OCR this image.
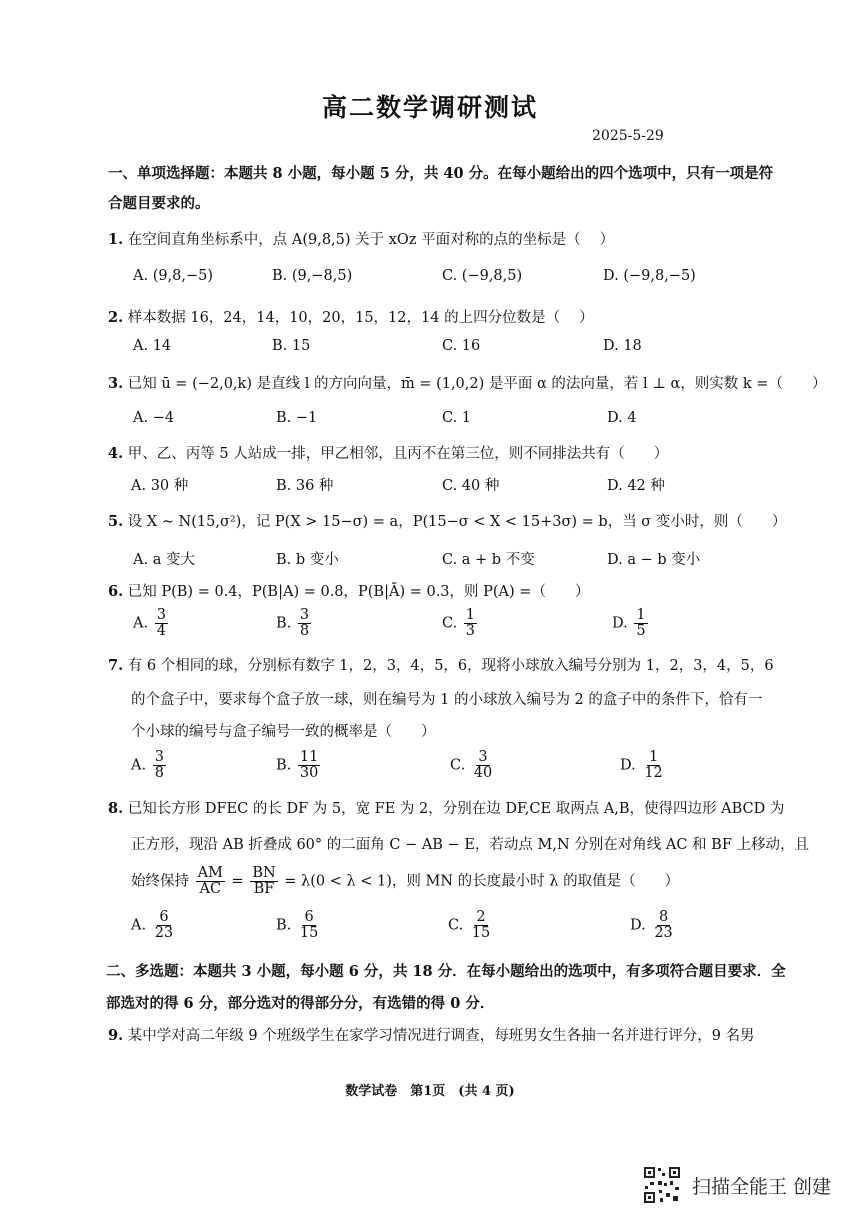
高二数学调研测试
2025-5-29
一、单项选择题：本题共 8 小题，每小题 5 分，共 40 分。在每小题给出的四个选项中，只有一项是符
合题目要求的。
1. 在空间直角坐标系中，点 A(9,8,5) 关于 xOz 平面对称的点的坐标是（　 ）
A. (9,8,−5)	B. (9,−8,5)	C. (−9,8,5)	D. (−9,8,−5)
2. 样本数据 16，24，14，10，20，15，12，14 的上四分位数是（　 ）
A. 14	B. 15	C. 16	D. 18
3. 已知 ū = (−2,0,k) 是直线 l 的方向向量，m̄ = (1,0,2) 是平面 α 的法向量，若 l ⊥ α，则实数 k =（　　）
A. −4	B. −1	C. 1	D. 4
4. 甲、乙、丙等 5 人站成一排，甲乙相邻，且丙不在第三位，则不同排法共有（　　）
A. 30 种	B. 36 种	C. 40 种	D. 42 种
5. 设 X ~ N(15,σ²)，记 P(X > 15−σ) = a，P(15−σ < X < 15+3σ) = b，当 σ 变小时，则（　　）
A. a 变大	B. b 变小	C. a + b 不变	D. a − b 变小
6. 已知 P(B) = 0.4，P(B|A) = 0.8，P(B|Ā) = 0.3，则 P(A) =（　　）
A. $\frac{3}{4}$	B. $\frac{3}{8}$	C. $\frac{1}{3}$	D. $\frac{1}{5}$
7. 有 6 个相同的球，分别标有数字 1，2，3，4，5，6，现将小球放入编号分别为 1，2，3，4，5，6
的个盒子中，要求每个盒子放一球，则在编号为 1 的小球放入编号为 2 的盒子中的条件下，恰有一
个小球的编号与盒子编号一致的概率是（　　）
A. $\frac{3}{8}$	B. $\frac{11}{30}$	C. $\frac{3}{40}$	D. $\frac{1}{12}$
8. 已知长方形 DFEC 的长 DF 为 5，宽 FE 为 2，分别在边 DF,CE 取两点 A,B，使得四边形 ABCD 为
正方形，现沿 AB 折叠成 60° 的二面角 C − AB − E，若动点 M,N 分别在对角线 AC 和 BF 上移动，且
始终保持 $\frac{AM}{AC} = \frac{BN}{BF} = \lambda(0 < \lambda < 1)$，则 MN 的长度最小时 λ 的取值是（　　）
A. $\frac{6}{23}$	B. $\frac{6}{15}$	C. $\frac{2}{15}$	D. $\frac{8}{23}$
二、多选题：本题共 3 小题，每小题 6 分，共 18 分．在每小题给出的选项中，有多项符合题目要求．全
部选对的得 6 分，部分选对的得部分分，有选错的得 0 分．
9. 某中学对高二年级 9 个班级学生在家学习情况进行调查，每班男女生各抽一名并进行评分，9 名男
数学试卷　第1页　(共 4 页)
扫描全能王 创建
